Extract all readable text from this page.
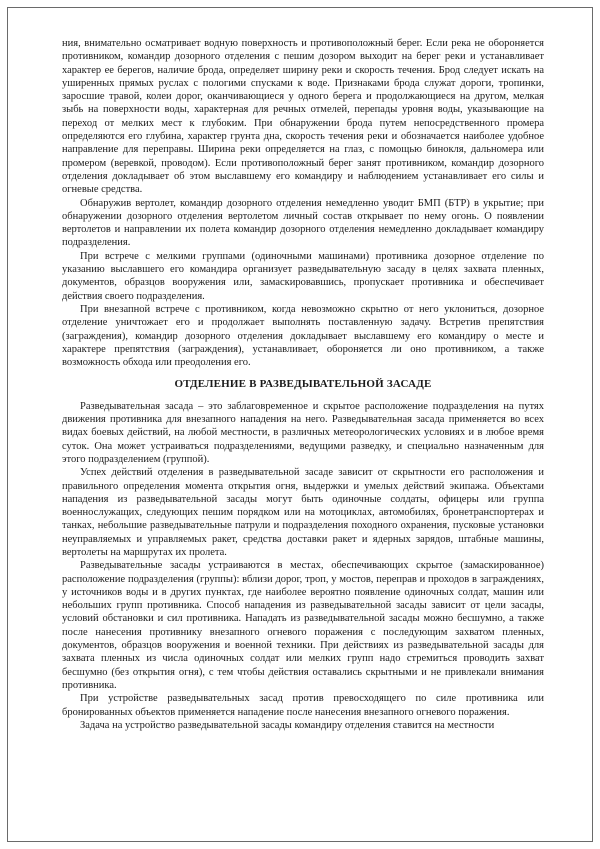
ния, внимательно осматривает водную поверхность и противоположный берег. Если река не обороняется противником, командир дозорного отделения с пешим дозором выходит на берег реки и устанавливает характер ее берегов, наличие брода, определяет ширину реки и скорость течения. Брод следует искать на уширенных прямых руслах с пологими спусками к воде. Признаками брода служат дороги, тропинки, заросшие травой, колеи дорог, оканчивающиеся у одного берега и продолжающиеся на другом, мелкая зыбь на поверхности воды, характерная для речных отмелей, перепады уровня воды, указывающие на переход от мелких мест к глубоким. При обнаружении брода путем непосредственного промера определяются его глубина, характер грунта дна, скорость течения реки и обозначается наиболее удобное направление для переправы. Ширина реки определяется на глаз, с помощью бинокля, дальномера или промером (веревкой, проводом). Если противоположный берег занят противником, командир дозорного отделения докладывает об этом выславшему его командиру и наблюдением устанавливает его силы и огневые средства.

Обнаружив вертолет, командир дозорного отделения немедленно уводит БМП (БТР) в укрытие; при обнаружении дозорного отделения вертолетом личный состав открывает по нему огонь. О появлении вертолетов и направлении их полета командир дозорного отделения немедленно докладывает командиру подразделения.

При встрече с мелкими группами (одиночными машинами) противника дозорное отделение по указанию выславшего его командира организует разведывательную засаду в целях захвата пленных, документов, образцов вооружения или, замаскировавшись, пропускает противника и обеспечивает действия своего подразделения.

При внезапной встрече с противником, когда невозможно скрытно от него уклониться, дозорное отделение уничтожает его и продолжает выполнять поставленную задачу. Встретив препятствия (заграждения), командир дозорного отделения докладывает выславшему его командиру о месте и характере препятствия (заграждения), устанавливает, обороняется ли оно противником, а также возможность обхода или преодоления его.

ОТДЕЛЕНИЕ В РАЗВЕДЫВАТЕЛЬНОЙ ЗАСАДЕ

Разведывательная засада – это заблаговременное и скрытое расположение подразделения на путях движения противника для внезапного нападения на него. Разведывательная засада применяется во всех видах боевых действий, на любой местности, в различных метеорологических условиях и в любое время суток. Она может устраиваться подразделениями, ведущими разведку, и специально назначенным для этого подразделением (группой).

Успех действий отделения в разведывательной засаде зависит от скрытности его расположения и правильного определения момента открытия огня, выдержки и умелых действий экипажа. Объектами нападения из разведывательной засады могут быть одиночные солдаты, офицеры или группа военнослужащих, следующих пешим порядком или на мотоциклах, автомобилях, бронетранспортерах и танках, небольшие разведывательные патрули и подразделения походного охранения, пусковые установки неуправляемых и управляемых ракет, средства доставки ракет и ядерных зарядов, штабные машины, вертолеты на маршрутах их пролета.

Разведывательные засады устраиваются в местах, обеспечивающих скрытое (замаскированное) расположение подразделения (группы): вблизи дорог, троп, у мостов, переправ и проходов в заграждениях, у источников воды и в других пунктах, где наиболее вероятно появление одиночных солдат, машин или небольших групп противника. Способ нападения из разведывательной засады зависит от цели засады, условий обстановки и сил противника. Нападать из разведывательной засады можно бесшумно, а также после нанесения противнику внезапного огневого поражения с последующим захватом пленных, документов, образцов вооружения и военной техники. При действиях из разведывательной засады для захвата пленных из числа одиночных солдат или мелких групп надо стремиться проводить захват бесшумно (без открытия огня), с тем чтобы действия оставались скрытными и не привлекали внимания противника.

При устройстве разведывательных засад против превосходящего по силе противника или бронированных объектов применяется нападение после нанесения внезапного огневого поражения.

Задача на устройство разведывательной засады командиру отделения ставится на местности
